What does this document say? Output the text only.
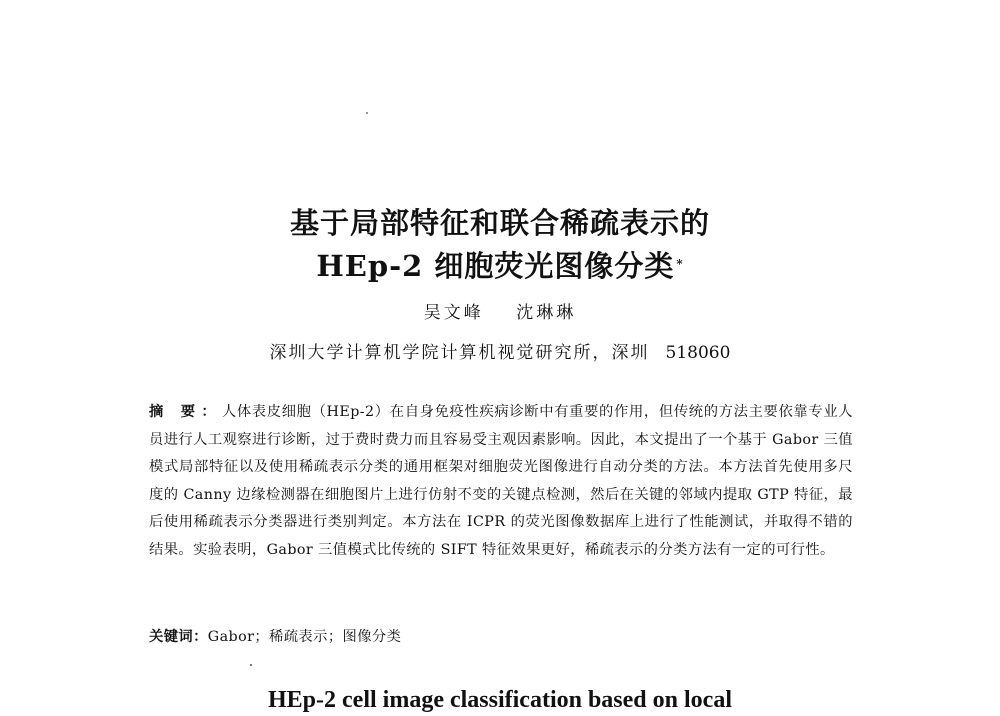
基于局部特征和联合稀疏表示的
HEp-2 细胞荧光图像分类 *
吴文峰 沈琳琳
深圳大学计算机学院计算机视觉研究所，深圳 518060
摘 要：人体表皮细胞（HEp-2）在自身免疫性疾病诊断中有重要的作用，但传统的方法主要依靠专业人员进行人工观察进行诊断，过于费时费力而且容易受主观因素影响。因此，本文提出了一个基于 Gabor 三值模式局部特征以及使用稀疏表示分类的通用框架对细胞荧光图像进行自动分类的方法。本方法首先使用多尺度的 Canny 边缘检测器在细胞图片上进行仿射不变的关键点检测，然后在关键的邻域内提取 GTP 特征，最后使用稀疏表示分类器进行类别判定。本方法在 ICPR 的荧光图像数据库上进行了性能测试，并取得不错的结果。实验表明，Gabor 三值模式比传统的 SIFT 特征效果更好，稀疏表示的分类方法有一定的可行性。
关键词：Gabor；稀疏表示；图像分类
HEp-2 cell image classification based on local
